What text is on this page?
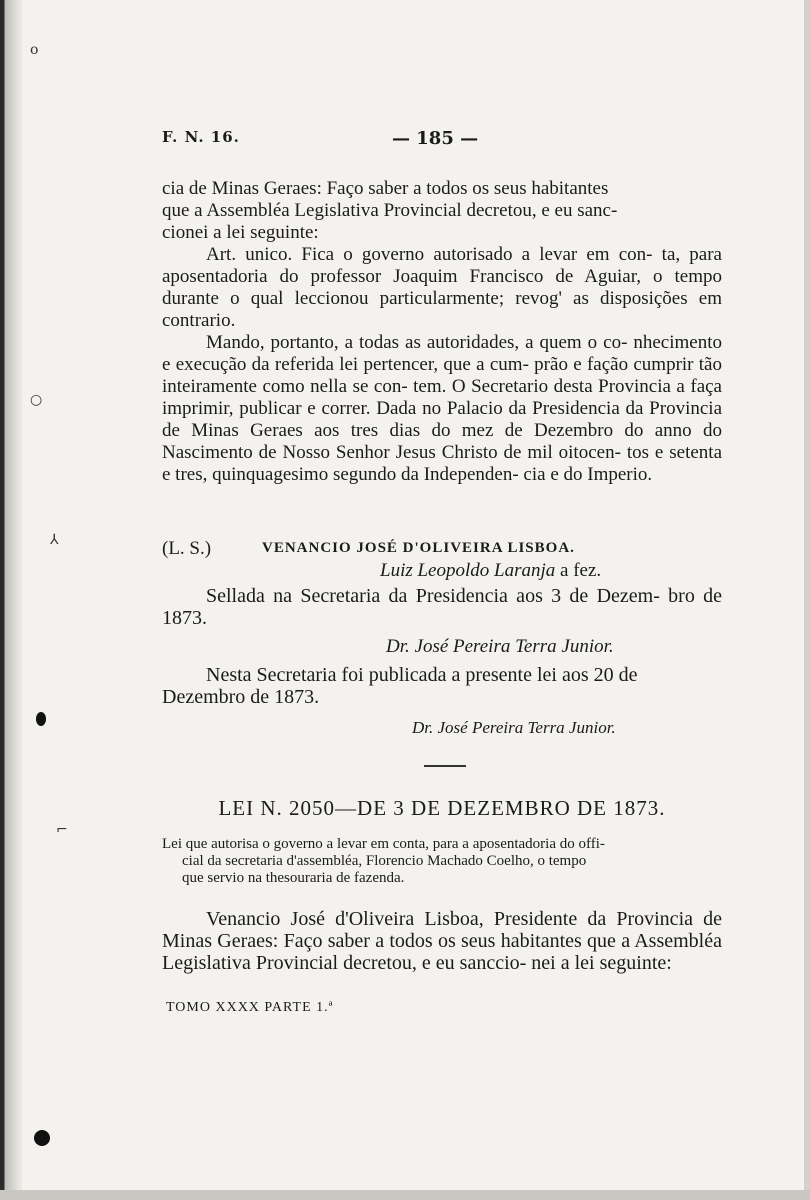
o
○
⅄
⌐
F. N. 16.	— 185 —

cia de Minas Geraes: Faço saber a todos os seus habitantes

que a Assembléa Legislativa Provincial decretou, e eu sanc-

cionei a lei seguinte:

Art. unico. Fica o governo autorisado a levar em con- ta, para aposentadoria do professor Joaquim Francisco de Aguiar, o tempo durante o qual leccionou particularmente; revog' as disposições em contrario.

Mando, portanto, a todas as autoridades, a quem o co- nhecimento e execução da referida lei pertencer, que a cum- prão e fação cumprir tão inteiramente como nella se con- tem. O Secretario desta Provincia a faça imprimir, publicar e correr. Dada no Palacio da Presidencia da Provincia de Minas Geraes aos tres dias do mez de Dezembro do anno do Nascimento de Nosso Senhor Jesus Christo de mil oitocen- tos e setenta e tres, quinquagesimo segundo da Independen- cia e do Imperio.

(L. S.)	VENANCIO JOSÉ D'OLIVEIRA LISBOA.
Luiz Leopoldo Laranja a fez.

Sellada na Secretaria da Presidencia aos 3 de Dezem- bro de 1873.

Dr. José Pereira Terra Junior.

Nesta Secretaria foi publicada a presente lei aos 20 de Dezembro de 1873.

Dr. José Pereira Terra Junior.
LEI N. 2050—DE 3 DE DEZEMBRO DE 1873.
Lei que autorisa o governo a levar em conta, para a aposentadoria do offi-
cial da secretaria d'assembléa, Florencio Machado Coelho, o tempo
que servio na thesouraria de fazenda.

Venancio José d'Oliveira Lisboa, Presidente da Provincia de Minas Geraes: Faço saber a todos os seus habitantes que a Assembléa Legislativa Provincial decretou, e eu sanccio- nei a lei seguinte:

TOMO XXXX PARTE 1.ª
